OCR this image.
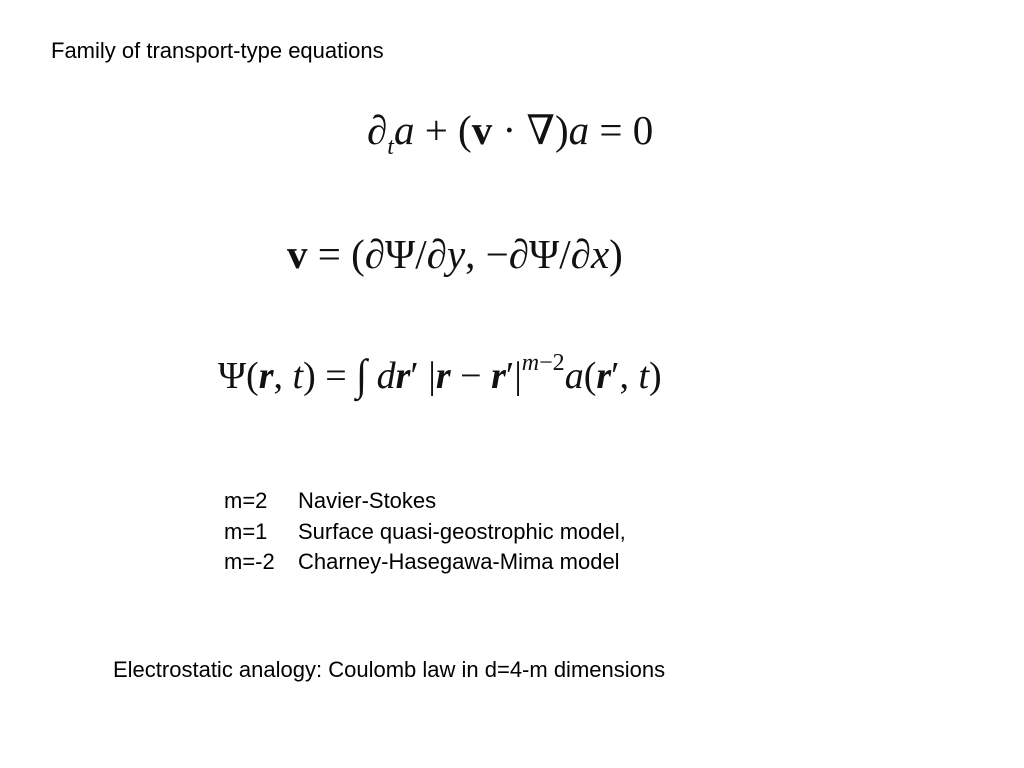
Family of transport-type equations
$\partial_ta + (v \cdot \nabla)a = 0$
v = (∂Ψ/∂y, −∂Ψ/∂x)
Ψ(r, t) = ∫ dr′ $|r - r'|^{m-2}a(r'$, t)
m=2	Navier-Stokes
m=1	Surface quasi-geostrophic model,
m=-2	Charney-Hasegawa-Mima model
Electrostatic analogy: Coulomb law in d=4-m dimensions
